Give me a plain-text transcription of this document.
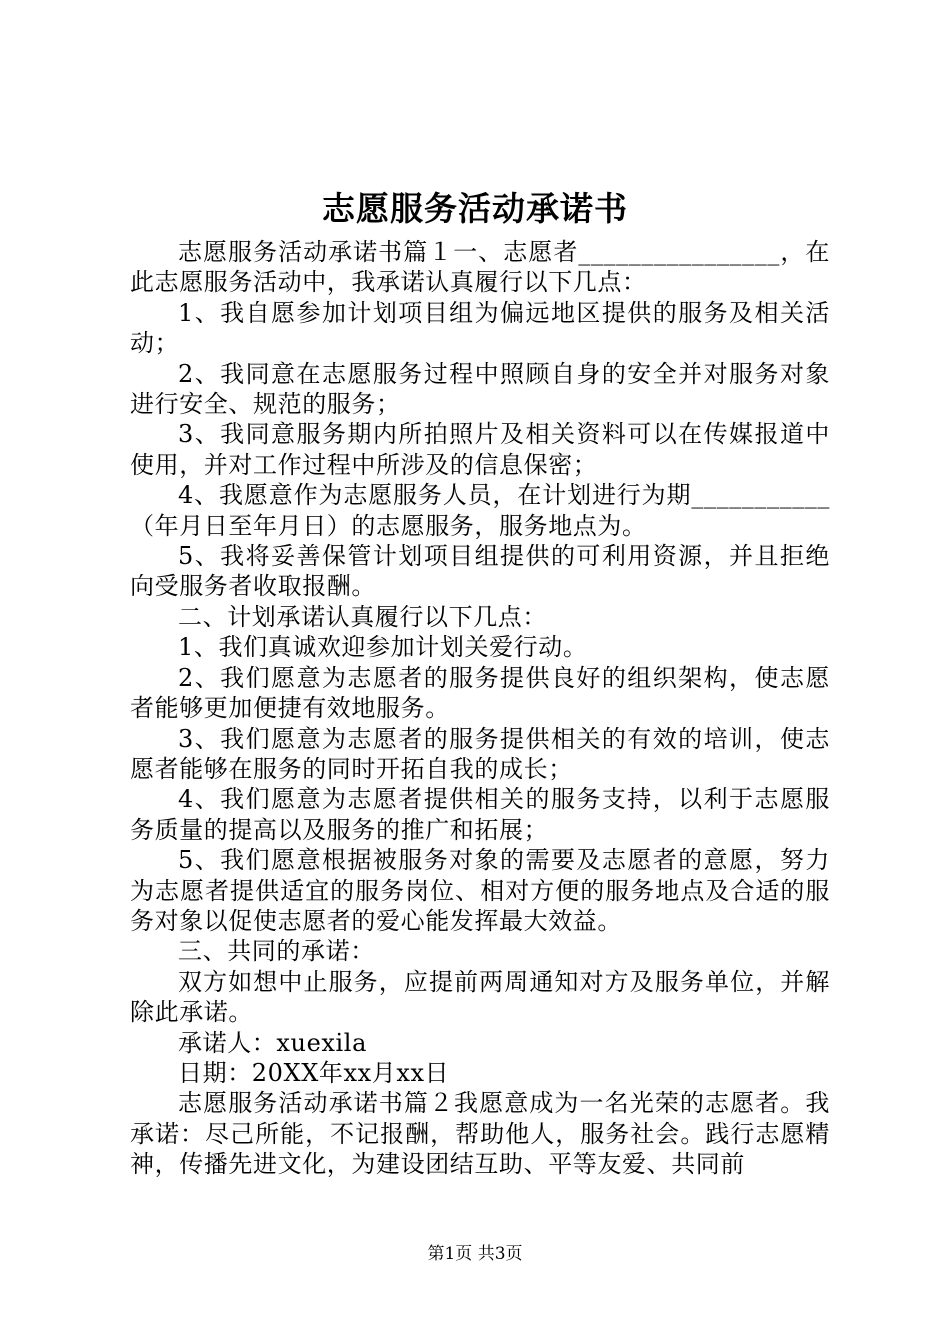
志愿服务活动承诺书

志愿服务活动承诺书篇１一、志愿者________________，在此志愿服务活动中，我承诺认真履行以下几点：

1、我自愿参加计划项目组为偏远地区提供的服务及相关活动；

2、我同意在志愿服务过程中照顾自身的安全并对服务对象进行安全、规范的服务；

3、我同意服务期内所拍照片及相关资料可以在传媒报道中使用，并对工作过程中所涉及的信息保密；

4、我愿意作为志愿服务人员，在计划进行为期___________（年月日至年月日）的志愿服务，服务地点为。

5、我将妥善保管计划项目组提供的可利用资源，并且拒绝向受服务者收取报酬。

二、计划承诺认真履行以下几点：

1、我们真诚欢迎参加计划关爱行动。

2、我们愿意为志愿者的服务提供良好的组织架构，使志愿者能够更加便捷有效地服务。

3、我们愿意为志愿者的服务提供相关的有效的培训，使志愿者能够在服务的同时开拓自我的成长；

4、我们愿意为志愿者提供相关的服务支持，以利于志愿服务质量的提高以及服务的推广和拓展；

5、我们愿意根据被服务对象的需要及志愿者的意愿，努力为志愿者提供适宜的服务岗位、相对方便的服务地点及合适的服务对象以促使志愿者的爱心能发挥最大效益。

三、共同的承诺：

双方如想中止服务，应提前两周通知对方及服务单位，并解除此承诺。

承诺人：xuexila

日期：20XX年xx月xx日

志愿服务活动承诺书篇２我愿意成为一名光荣的志愿者。我承诺：尽己所能，不记报酬，帮助他人，服务社会。践行志愿精神，传播先进文化，为建设团结互助、平等友爱、共同前

第1页 共3页
